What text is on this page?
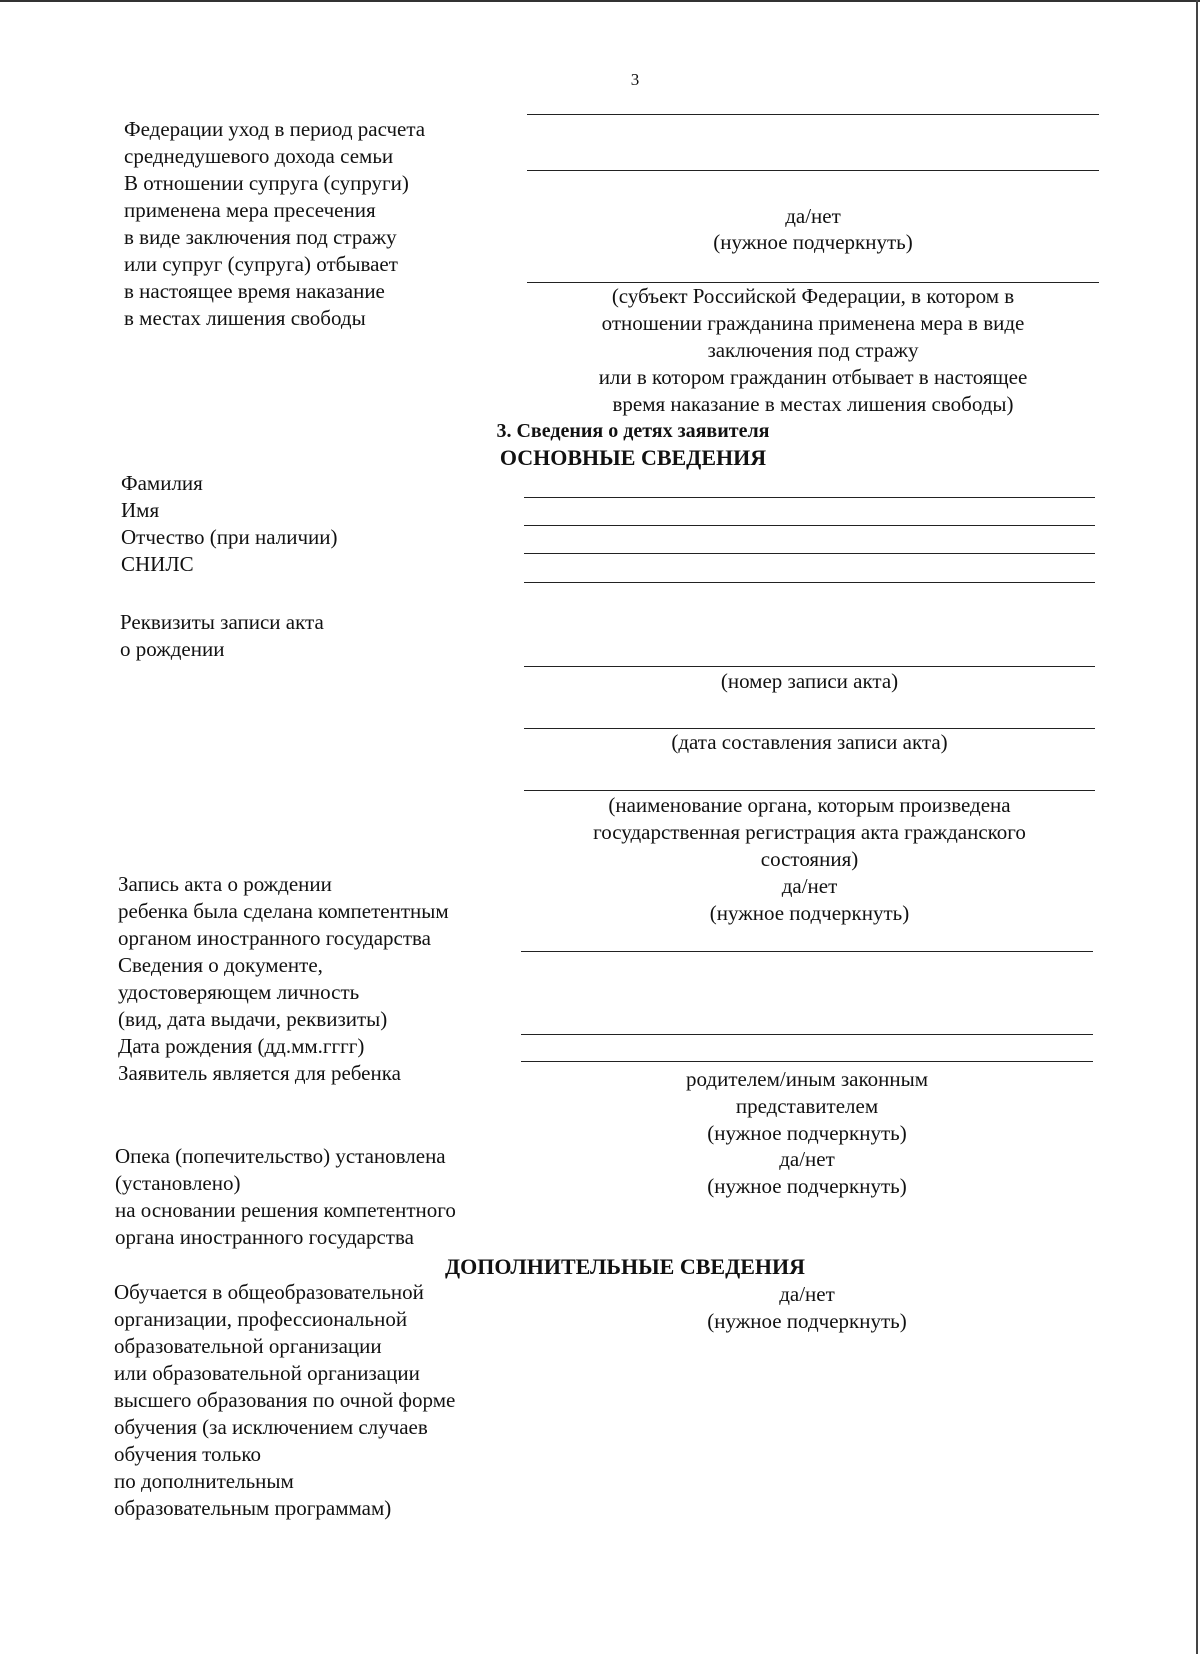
3
Федерации уход в период расчета
среднедушевого дохода семьи
В отношении супруга (супруги)
применена мера пресечения
в виде заключения под стражу
или супруг (супруга) отбывает
в настоящее время наказание
в местах лишения свободы
да/нет
(нужное подчеркнуть)
(субъект Российской Федерации, в котором в
отношении гражданина применена мера в виде
заключения под стражу
или в котором гражданин отбывает в настоящее
время наказание в местах лишения свободы)
3. Сведения о детях заявителя
ОСНОВНЫЕ СВЕДЕНИЯ
Фамилия
Имя
Отчество (при наличии)
СНИЛС
Реквизиты записи акта
о рождении
(номер записи акта)
(дата составления записи акта)
(наименование органа, которым произведена
государственная регистрация акта гражданского
состояния)
Запись акта о рождении
ребенка была сделана компетентным
органом иностранного государства
да/нет
(нужное подчеркнуть)
Сведения о документе,
удостоверяющем личность
(вид, дата выдачи, реквизиты)
Дата рождения (дд.мм.гггг)
Заявитель является для ребенка	родителем/иным законным
представителем
(нужное подчеркнуть)
Опека (попечительство) установлена
(установлено)
на основании решения компетентного
органа иностранного государства
да/нет
(нужное подчеркнуть)
ДОПОЛНИТЕЛЬНЫЕ СВЕДЕНИЯ
Обучается в общеобразовательной
организации, профессиональной
образовательной организации
или образовательной организации
высшего образования по очной форме
обучения (за исключением случаев
обучения только
по дополнительным
образовательным программам)
да/нет
(нужное подчеркнуть)
